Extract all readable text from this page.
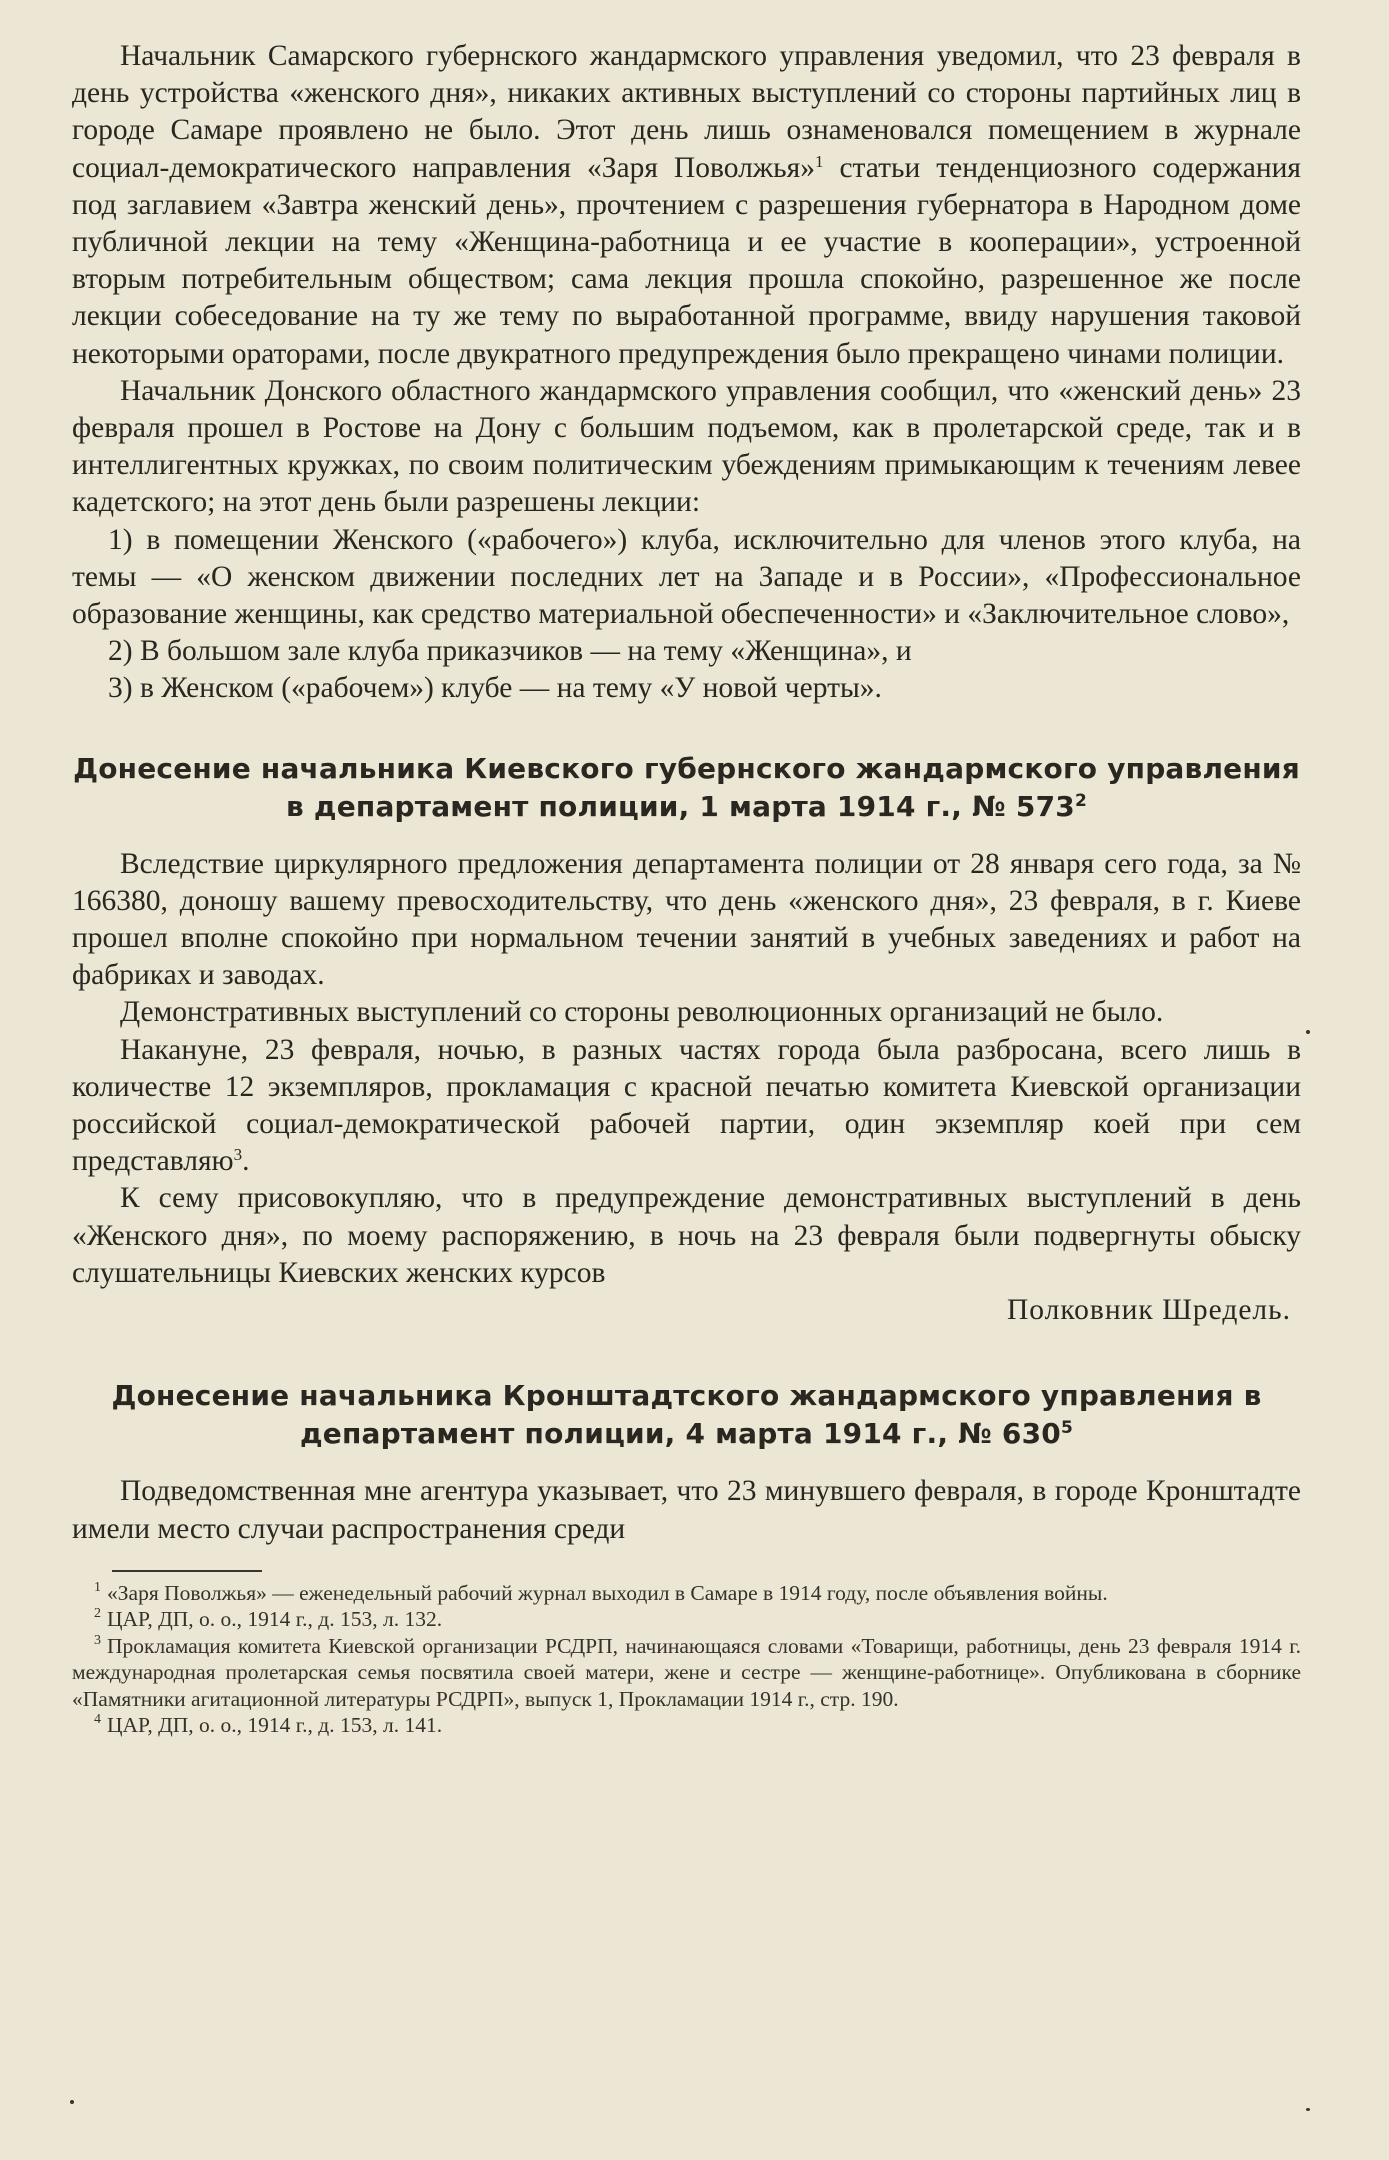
Начальник Самарского губернского жандармского управления уведомил, что 23 февраля в день устройства «женского дня», никаких активных выступлений со стороны партийных лиц в городе Самаре проявлено не было. Этот день лишь ознаменовался помещением в журнале социал-демократического направления «Заря Поволжья»$^1$ статьи тенденциозного содержания под заглавием «Завтра женский день», прочтением с разрешения губернатора в Народном доме публичной лекции на тему «Женщина-работница и ее участие в кооперации», устроенной вторым потребительным обществом; сама лекция прошла спокойно, разрешенное же после лекции собеседование на ту же тему по выработанной программе, ввиду нарушения таковой некоторыми ораторами, после двукратного предупреждения было прекращено чинами полиции.

Начальник Донского областного жандармского управления сообщил, что «женский день» 23 февраля прошел в Ростове на Дону с большим подъемом, как в пролетарской среде, так и в интеллигентных кружках, по своим политическим убеждениям примыкающим к течениям левее кадетского; на этот день были разрешены лекции:

1) в помещении Женского («рабочего») клуба, исключительно для членов этого клуба, на темы — «О женском движении последних лет на Западе и в России», «Профессиональное образование женщины, как средство материальной обеспеченности» и «Заключительное слово»,

2) В большом зале клуба приказчиков — на тему «Женщина», и

3) в Женском («рабочем») клубе — на тему «У новой черты».

Донесение начальника Киевского губернского жандармского управления в департамент полиции, 1 марта 1914 г., № $573^2$

Вследствие циркулярного предложения департамента полиции от 28 января сего года, за № 166380, доношу вашему превосходительству, что день «женского дня», 23 февраля, в г. Киеве прошел вполне спокойно при нормальном течении занятий в учебных заведениях и работ на фабриках и заводах.

Демонстративных выступлений со стороны революционных организаций не было.

Накануне, 23 февраля, ночью, в разных частях города была разбросана, всего лишь в количестве 12 экземпляров, прокламация с красной печатью комитета Киевской организации российской социал-демократической рабочей партии, один экземпляр коей при сем представляю$^3$.

К сему присовокупляю, что в предупреждение демонстративных выступлений в день «Женского дня», по моему распоряжению, в ночь на 23 февраля были подвергнуты обыску слушательницы Киевских женских курсов

Полковник Шредель.

Донесение начальника Кронштадтского жандармского управления в департамент полиции, 4 марта 1914 г., № $630^5$

Подведомственная мне агентура указывает, что 23 минувшего февраля, в городе Кронштадте имели место случаи распространения среди

$^1$ «Заря Поволжья» — еженедельный рабочий журнал выходил в Самаре в 1914 году, после объявления войны.

$^2$ ЦАР, ДП, о. о., 1914 г., д. 153, л. 132.

$^3$ Прокламация комитета Киевской организации РСДРП, начинающаяся словами «Товарищи, работницы, день 23 февраля 1914 г. международная пролетарская семья посвятила своей матери, жене и сестре — женщине-работнице». Опубликована в сборнике «Памятники агитационной литературы РСДРП», выпуск 1, Прокламации 1914 г., стр. 190.

$^4$ ЦАР, ДП, о. о., 1914 г., д. 153, л. 141.
